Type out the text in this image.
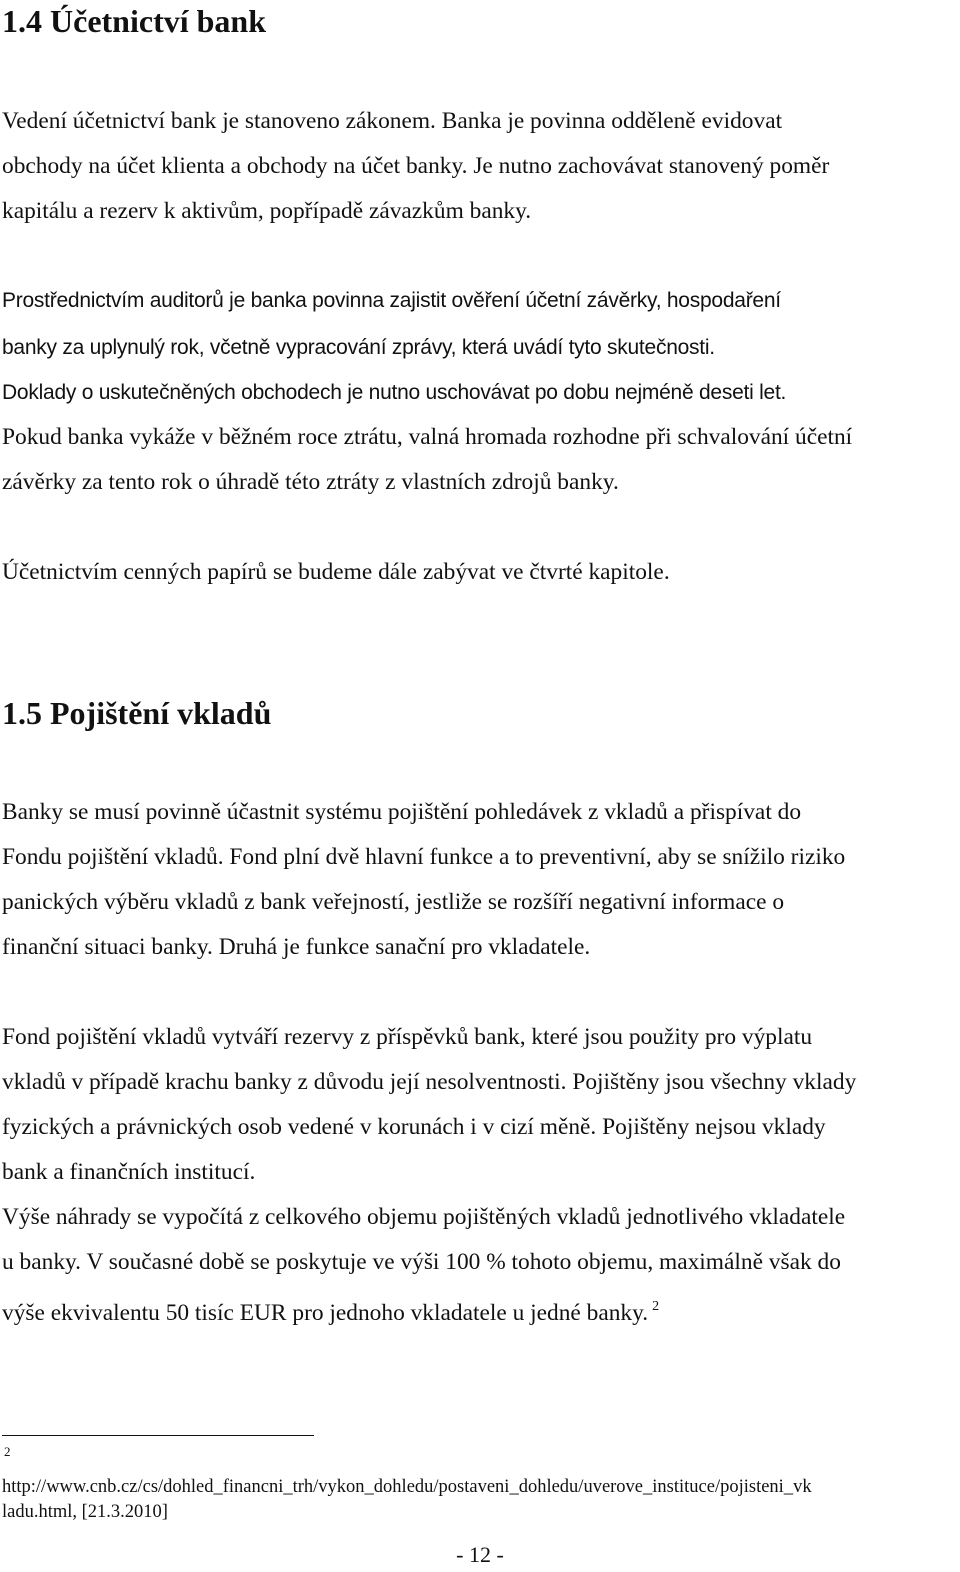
1.4 Účetnictví bank

Vedení účetnictví bank je stanoveno zákonem. Banka je povinna odděleně evidovat

obchody na účet klienta a obchody na účet banky. Je nutno zachovávat stanovený poměr

kapitálu a rezerv k aktivům, popřípadě závazkům banky.

Prostřednictvím auditorů je banka povinna zajistit ověření účetní závěrky, hospodaření

banky za uplynulý rok, včetně vypracování zprávy, která uvádí tyto skutečnosti.

Doklady o uskutečněných obchodech je nutno uschovávat po dobu nejméně deseti let.

Pokud banka vykáže v běžném roce ztrátu, valná hromada rozhodne při schvalování účetní

závěrky za tento rok o úhradě této ztráty z vlastních zdrojů banky.

Účetnictvím cenných papírů se budeme dále zabývat ve čtvrté kapitole.

1.5 Pojištění vkladů

Banky se musí povinně účastnit systému pojištění pohledávek z vkladů a přispívat do

Fondu pojištění vkladů. Fond plní dvě hlavní funkce a to preventivní, aby se snížilo riziko

panických výběru vkladů z bank veřejností, jestliže se rozšíří negativní informace o

finanční situaci banky. Druhá je funkce sanační pro vkladatele.

Fond pojištění vkladů vytváří rezervy z příspěvků bank, které jsou použity pro výplatu

vkladů v případě krachu banky z důvodu její nesolventnosti. Pojištěny jsou všechny vklady

fyzických a právnických osob vedené v korunách i v cizí měně. Pojištěny nejsou vklady

bank a finančních institucí.

Výše náhrady se vypočítá z celkového objemu pojištěných vkladů jednotlivého vkladatele

u banky. V současné době se poskytuje ve výši 100 % tohoto objemu, maximálně však do

výše ekvivalentu 50 tisíc EUR pro jednoho vkladatele u jedné banky. $^2$

2

http://www.cnb.cz/cs/dohled_financni_trh/vykon_dohledu/postaveni_dohledu/uverove_instituce/pojisteni_vk

ladu.html, [21.3.2010]

- 12 -
